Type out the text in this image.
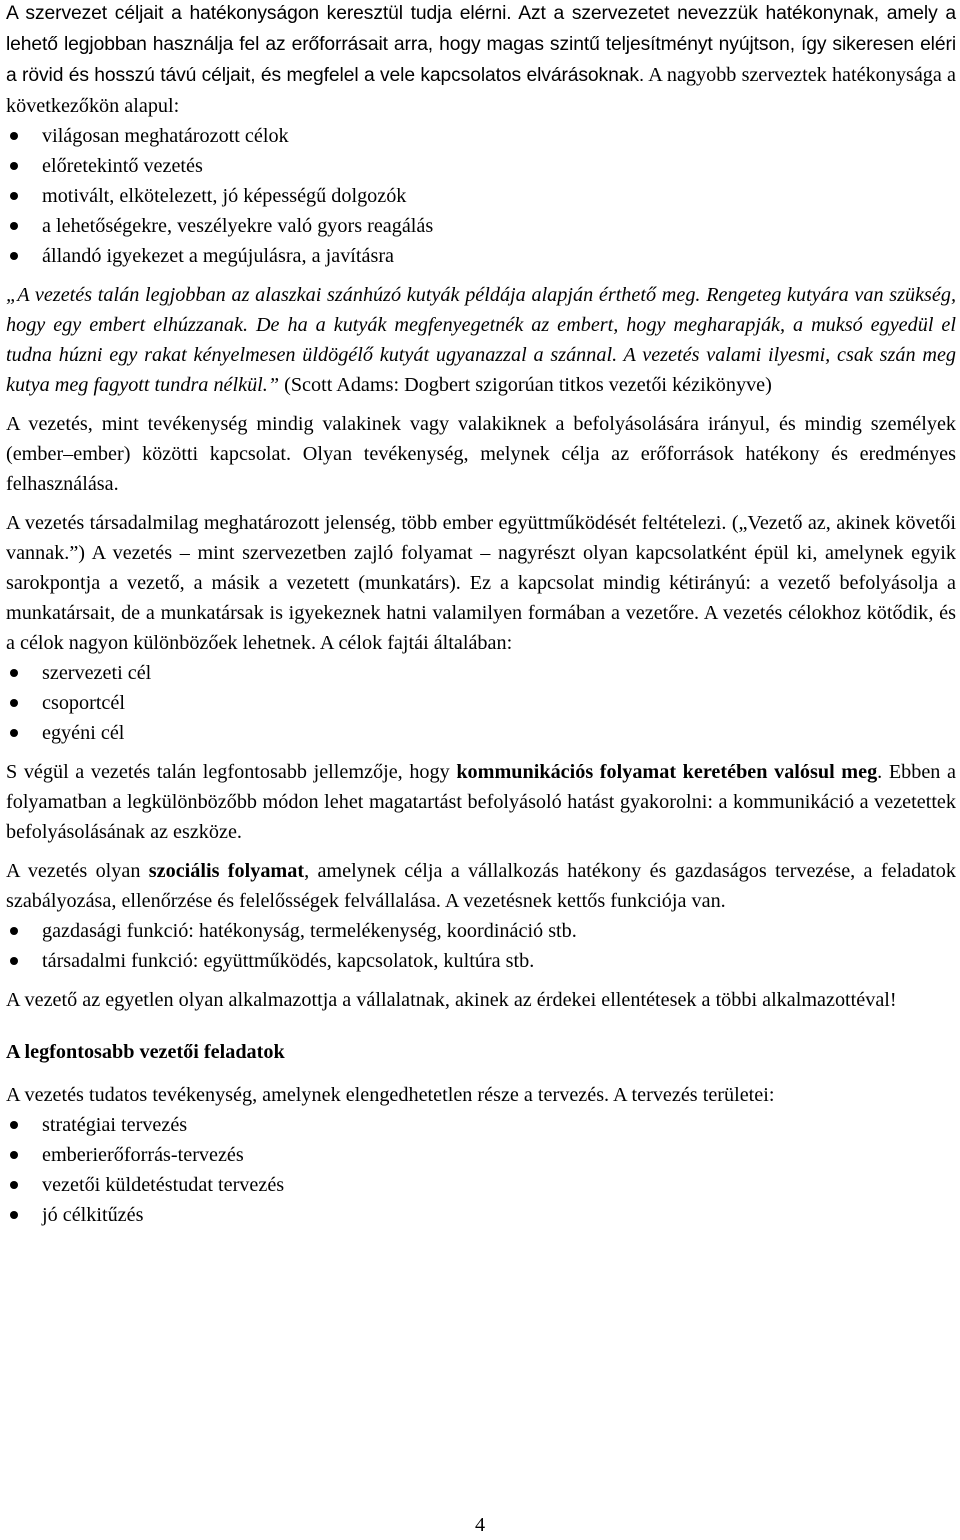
A szervezet céljait a hatékonyságon keresztül tudja elérni. Azt a szervezetet nevezzük hatékonynak, amely a lehető legjobban használja fel az erőforrásait arra, hogy magas szintű teljesítményt nyújtson, így sikeresen eléri a rövid és hosszú távú céljait, és megfelel a vele kapcsolatos elvárásoknak. A nagyobb szerveztek hatékonysága a következőkön alapul:

világosan meghatározott célok
előretekintő vezetés
motivált, elkötelezett, jó képességű dolgozók
a lehetőségekre, veszélyekre való gyors reagálás
állandó igyekezet a megújulásra, a javításra

„A vezetés talán legjobban az alaszkai szánhúzó kutyák példája alapján érthető meg. Rengeteg kutyára van szükség, hogy egy embert elhúzzanak. De ha a kutyák megfenyegetnék az embert, hogy megharapják, a muksó egyedül el tudna húzni egy rakat kényelmesen üldögélő kutyát ugyanazzal a szánnal. A vezetés valami ilyesmi, csak szán meg kutya meg fagyott tundra nélkül.” (Scott Adams: Dogbert szigorúan titkos vezetői kézikönyve)

A vezetés, mint tevékenység mindig valakinek vagy valakiknek a befolyásolására irányul, és mindig személyek (ember–ember) közötti kapcsolat. Olyan tevékenység, melynek célja az erőforrások hatékony és eredményes felhasználása.

A vezetés társadalmilag meghatározott jelenség, több ember együttműködését feltételezi. („Vezető az, akinek követői vannak.”) A vezetés – mint szervezetben zajló folyamat – nagyrészt olyan kapcsolatként épül ki, amelynek egyik sarokpontja a vezető, a másik a vezetett (munkatárs). Ez a kapcsolat mindig kétirányú: a vezető befolyásolja a munkatársait, de a munkatársak is igyekeznek hatni valamilyen formában a vezetőre. A vezetés célokhoz kötődik, és a célok nagyon különbözőek lehetnek. A célok fajtái általában:

szervezeti cél
csoportcél
egyéni cél

S végül a vezetés talán legfontosabb jellemzője, hogy kommunikációs folyamat keretében valósul meg. Ebben a folyamatban a legkülönbözőbb módon lehet magatartást befolyásoló hatást gyakorolni: a kommunikáció a vezetettek befolyásolásának az eszköze.

A vezetés olyan szociális folyamat, amelynek célja a vállalkozás hatékony és gazdaságos tervezése, a feladatok szabályozása, ellenőrzése és felelősségek felvállalása. A vezetésnek kettős funkciója van.

gazdasági funkció: hatékonyság, termelékenység, koordináció stb.
társadalmi funkció: együttműködés, kapcsolatok, kultúra stb.

A vezető az egyetlen olyan alkalmazottja a vállalatnak, akinek az érdekei ellentétesek a többi alkalmazottéval!

A legfontosabb vezetői feladatok

A vezetés tudatos tevékenység, amelynek elengedhetetlen része a tervezés. A tervezés területei:

stratégiai tervezés
emberierőforrás-tervezés
vezetői küldetéstudat tervezés
jó célkitűzés
4
